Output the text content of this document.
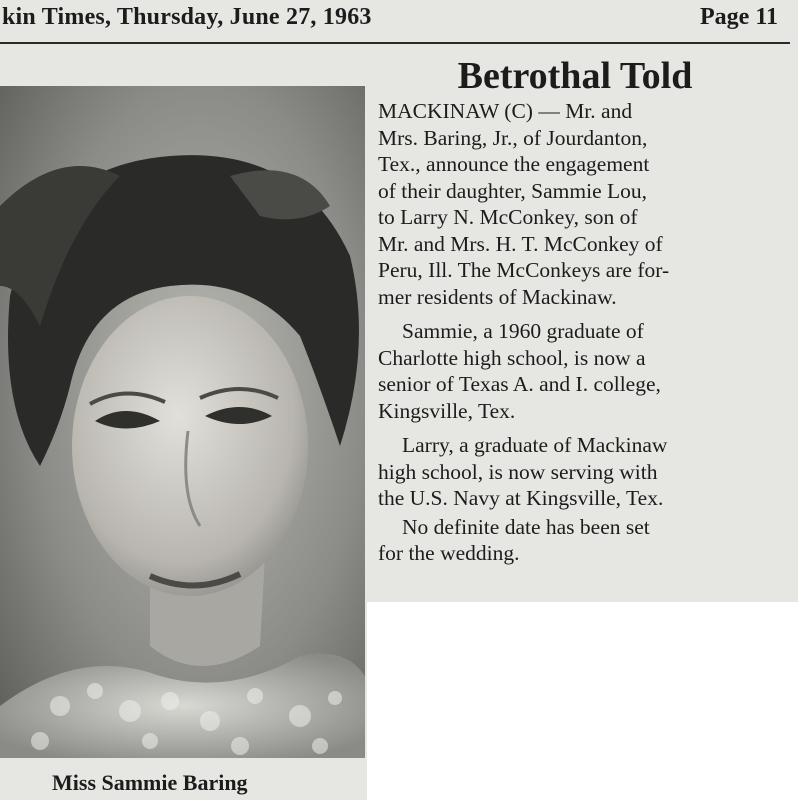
kin Times, Thursday, June 27, 1963	Page 11
Miss Sammie Baring
Betrothal Told
MACKINAW (C) — Mr. and
Mrs. Baring, Jr., of Jourdanton,
Tex., announce the engagement
of their daughter, Sammie Lou,
to Larry N. McConkey, son of
Mr. and Mrs. H. T. McConkey of
Peru, Ill. The McConkeys are for-
mer residents of Mackinaw.
Sammie, a 1960 graduate of
Charlotte high school, is now a
senior of Texas A. and I. college,
Kingsville, Tex.
Larry, a graduate of Mackinaw
high school, is now serving with
the U.S. Navy at Kingsville, Tex.
No definite date has been set
for the wedding.
